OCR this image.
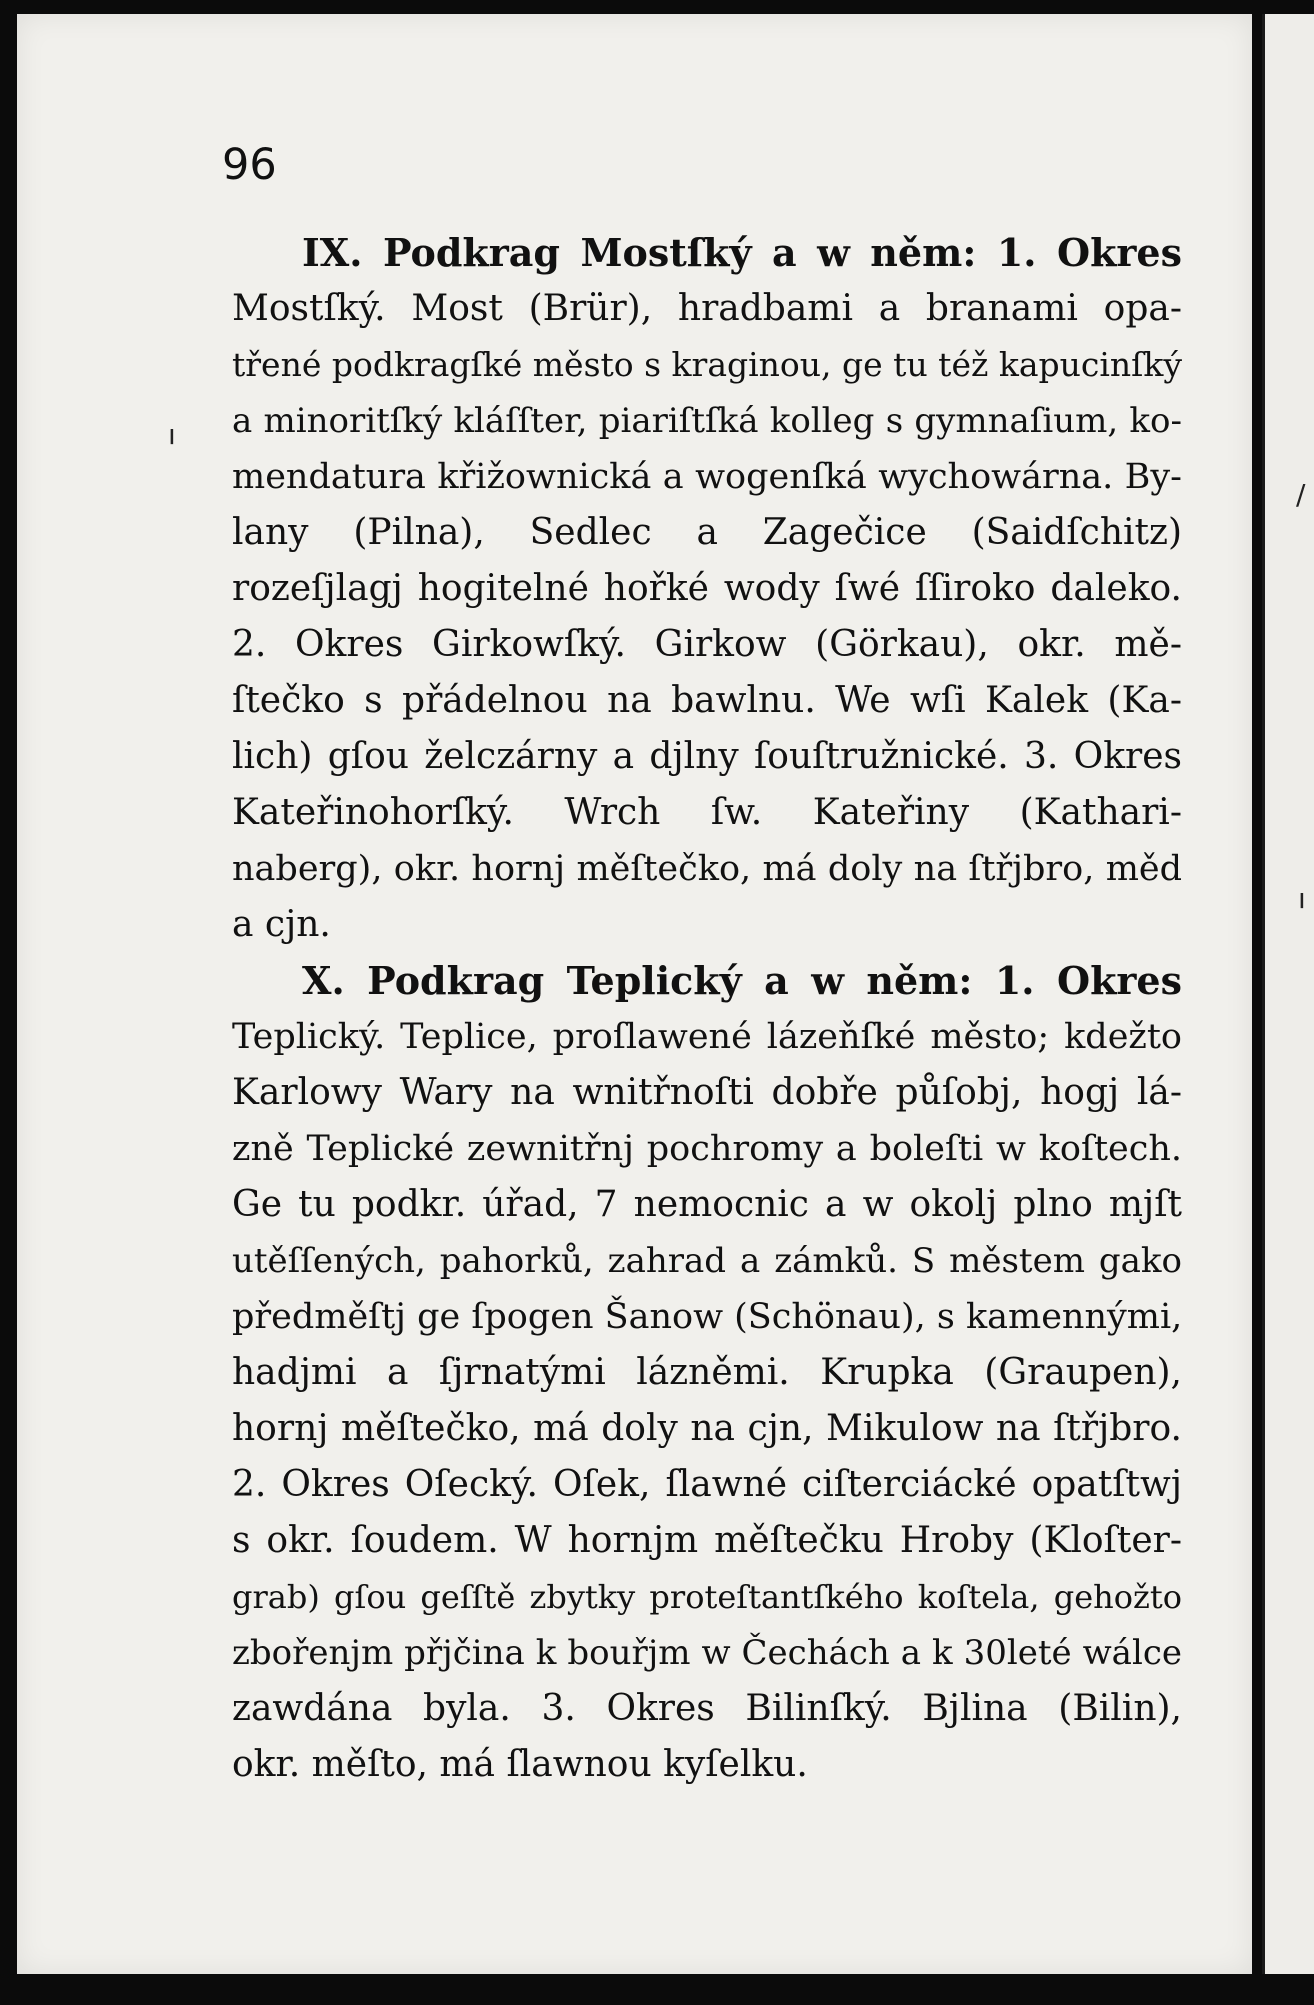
96
IX. Podkrag Mostſký a w něm: 1. Okres
Mostſký. Most (Brür), hradbami a branami opa-
třené podkragſké město s kraginou, ge tu též kapucinſký
a minoritſký kláſſter, piariſtſká kolleg s gymnaſium, ko-
mendatura křižownická a wogenſká wychowárna. By-
lany (Pilna), Sedlec a Zagečice (Saidſchitz)
rozeſjlagj hogitelné hořké wody ſwé ſſiroko daleko.
2. Okres Girkowſký. Girkow (Görkau), okr. mě-
ſtečko s přádelnou na bawlnu. We wſi Kalek (Ka-
lich) gſou želczárny a djlny ſouſtružnické. 3. Okres
Kateřinohorſký. Wrch ſw. Kateřiny (Kathari-
naberg), okr. hornj měſtečko, má doly na ſtřjbro, měd
a cjn.
X. Podkrag Teplický a w něm: 1. Okres
Teplický. Teplice, proſlawené lázeňſké město; kdežto
Karlowy Wary na wnitřnoſti dobře půſobj, hogj lá-
zně Teplické zewnitřnj pochromy a boleſti w koſtech.
Ge tu podkr. úřad, 7 nemocnic a w okolj plno mjſt
utěſſených, pahorků, zahrad a zámků. S městem gako
předměſtj ge ſpogen Šanow (Schönau), s kamennými,
hadjmi a ſjrnatými lázněmi. Krupka (Graupen),
hornj měſtečko, má doly na cjn, Mikulow na ſtřjbro.
2. Okres Oſecký. Oſek, ſlawné ciſterciácké opatſtwj
s okr. ſoudem. W hornjm měſtečku Hroby (Kloſter-
grab) gſou geſſtě zbytky proteſtantſkého koſtela, gehožto
zbořenjm přjčina k bouřjm w Čechách a k 30leté wálce
zawdána byla. 3. Okres Bilinſký. Bjlina (Bilin),
okr. měſto, má ſlawnou kyſelku.
ı
/
ı
